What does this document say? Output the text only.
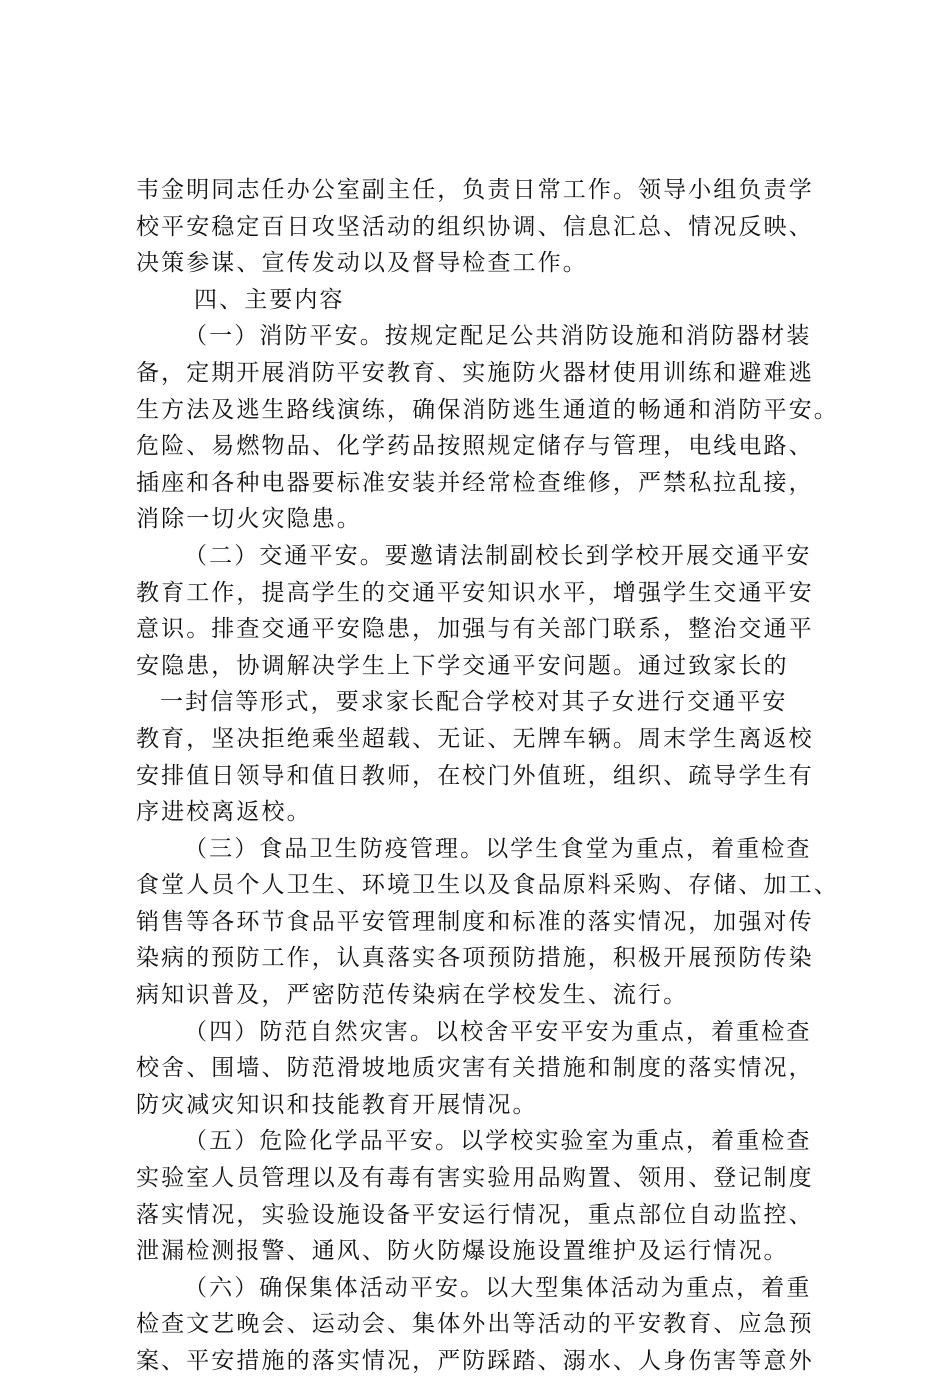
韦金明同志任办公室副主任，负责日常工作。领导小组负责学
校平安稳定百日攻坚活动的组织协调、信息汇总、情况反映、
决策参谋、宣传发动以及督导检查工作。
四、主要内容
（一）消防平安。按规定配足公共消防设施和消防器材装
备，定期开展消防平安教育、实施防火器材使用训练和避难逃
生方法及逃生路线演练，确保消防逃生通道的畅通和消防平安。
危险、易燃物品、化学药品按照规定储存与管理，电线电路、
插座和各种电器要标准安装并经常检查维修，严禁私拉乱接，
消除一切火灾隐患。
（二）交通平安。要邀请法制副校长到学校开展交通平安
教育工作，提高学生的交通平安知识水平，增强学生交通平安
意识。排查交通平安隐患，加强与有关部门联系，整治交通平
安隐患，协调解决学生上下学交通平安问题。通过致家长的
一封信等形式，要求家长配合学校对其子女进行交通平安
教育，坚决拒绝乘坐超载、无证、无牌车辆。周末学生离返校
安排值日领导和值日教师，在校门外值班，组织、疏导学生有
序进校离返校。
（三）食品卫生防疫管理。以学生食堂为重点，着重检查
食堂人员个人卫生、环境卫生以及食品原料采购、存储、加工、
销售等各环节食品平安管理制度和标准的落实情况，加强对传
染病的预防工作，认真落实各项预防措施，积极开展预防传染
病知识普及，严密防范传染病在学校发生、流行。
（四）防范自然灾害。以校舍平安平安为重点，着重检查
校舍、围墙、防范滑坡地质灾害有关措施和制度的落实情况，
防灾减灾知识和技能教育开展情况。
（五）危险化学品平安。以学校实验室为重点，着重检查
实验室人员管理以及有毒有害实验用品购置、领用、登记制度
落实情况，实验设施设备平安运行情况，重点部位自动监控、
泄漏检测报警、通风、防火防爆设施设置维护及运行情况。
（六）确保集体活动平安。以大型集体活动为重点，着重
检查文艺晚会、运动会、集体外出等活动的平安教育、应急预
案、平安措施的落实情况，严防踩踏、溺水、人身伤害等意外
